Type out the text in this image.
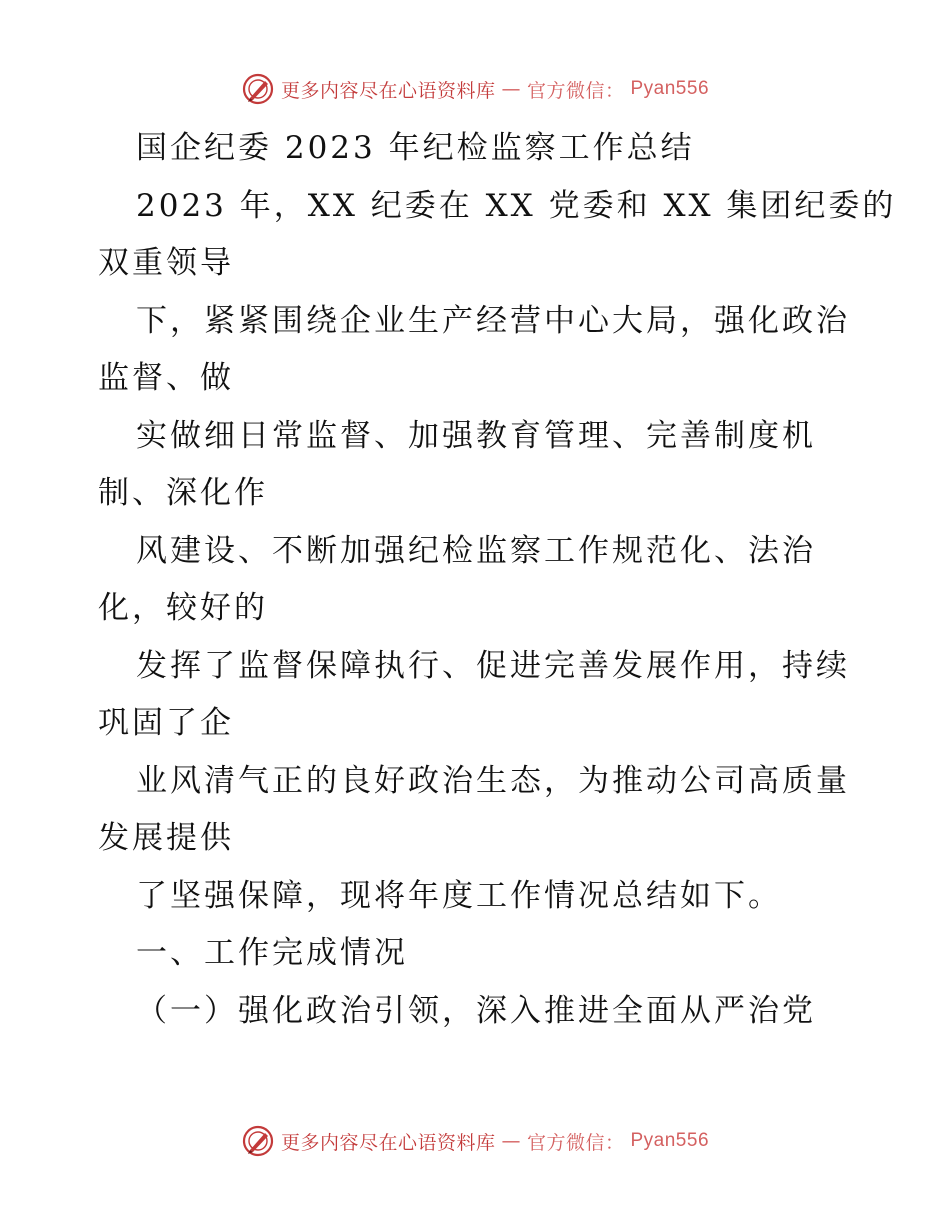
更多内容尽在心语资料库 — 官方微信： Pyan556
国企纪委 2023 年纪检监察工作总结
2023 年，XX 纪委在 XX 党委和 XX 集团纪委的
双重领导
下，紧紧围绕企业生产经营中心大局，强化政治
监督、做
实做细日常监督、加强教育管理、完善制度机
制、深化作
风建设、不断加强纪检监察工作规范化、法治
化，较好的
发挥了监督保障执行、促进完善发展作用，持续
巩固了企
业风清气正的良好政治生态，为推动公司高质量
发展提供
了坚强保障，现将年度工作情况总结如下。
一、工作完成情况
（一）强化政治引领，深入推进全面从严治党
更多内容尽在心语资料库 — 官方微信： Pyan556
